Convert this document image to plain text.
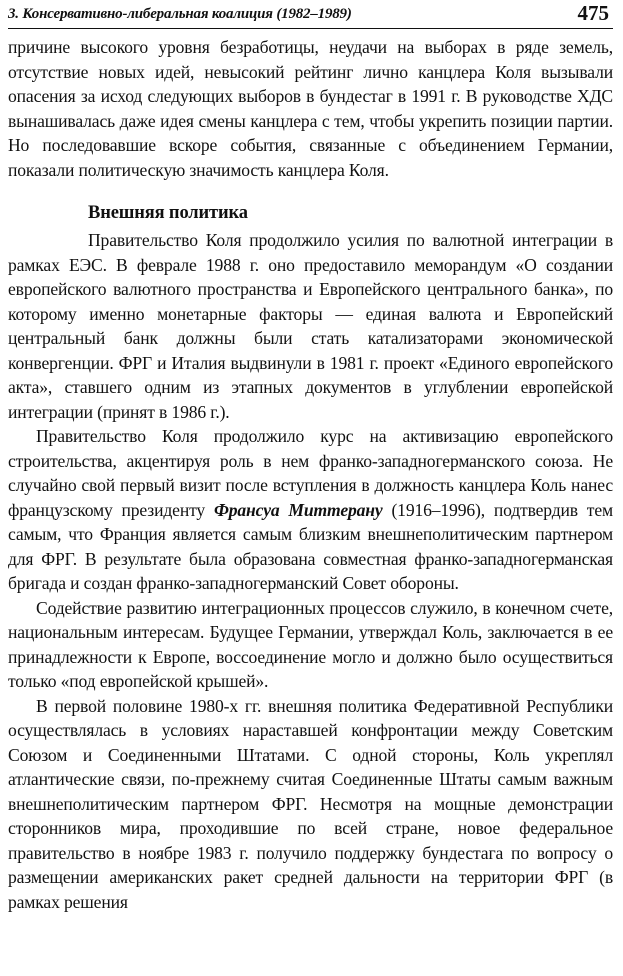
3. Консервативно-либеральная коалиция (1982–1989)	475

причине высокого уровня безработицы, неудачи на выборах в ряде земель, отсутствие новых идей, невысокий рейтинг лично канцлера Коля вызывали опасения за исход следующих выборов в бундестаг в 1991 г. В руководстве ХДС вынашивалась даже идея смены канцлера с тем, чтобы укрепить позиции партии. Но последовавшие вскоре события, связанные с объединением Германии, показали политическую значимость канцлера Коля.

Внешняя политика

Правительство Коля продолжило усилия по валютной интеграции в рамках ЕЭС. В феврале 1988 г. оно предоставило меморандум «О создании европейского валютного пространства и Европейского центрального банка», по которому именно монетарные факторы — единая валюта и Европейский центральный банк должны были стать катализаторами экономической конвергенции. ФРГ и Италия выдвинули в 1981 г. проект «Единого европейского акта», ставшего одним из этапных документов в углублении европейской интеграции (принят в 1986 г.).

Правительство Коля продолжило курс на активизацию европейского строительства, акцентируя роль в нем франко-западногерманского союза. Не случайно свой первый визит после вступления в должность канцлера Коль нанес французскому президенту Франсуа Миттерану (1916–1996), подтвердив тем самым, что Франция является самым близким внешнеполитическим партнером для ФРГ. В результате была образована совместная франко-западногерманская бригада и создан франко-западногерманский Совет обороны.

Содействие развитию интеграционных процессов служило, в конечном счете, национальным интересам. Будущее Германии, утверждал Коль, заключается в ее принадлежности к Европе, воссоединение могло и должно было осуществиться только «под европейской крышей».

В первой половине 1980-х гг. внешняя политика Федеративной Республики осуществлялась в условиях нараставшей конфронтации между Советским Союзом и Соединенными Штатами. С одной стороны, Коль укреплял атлантические связи, по-прежнему считая Соединенные Штаты самым важным внешнеполитическим партнером ФРГ. Несмотря на мощные демонстрации сторонников мира, проходившие по всей стране, новое федеральное правительство в ноябре 1983 г. получило поддержку бундестага по вопросу о размещении американских ракет средней дальности на территории ФРГ (в рамках решения
